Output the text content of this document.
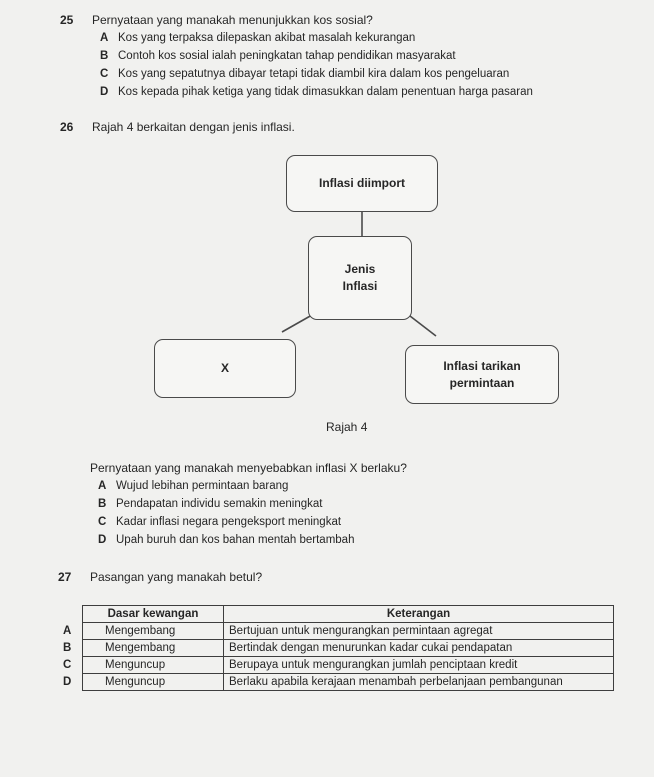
25 Pernyataan yang manakah menunjukkan kos sosial?
A Kos yang terpaksa dilepaskan akibat masalah kekurangan
B Contoh kos sosial ialah peningkatan tahap pendidikan masyarakat
C Kos yang sepatutnya dibayar tetapi tidak diambil kira dalam kos pengeluaran
D Kos kepada pihak ketiga yang tidak dimasukkan dalam penentuan harga pasaran
26 Rajah 4 berkaitan dengan jenis inflasi.
Inflasi diimport
Jenis
Inflasi
X	Inflasi tarikan
permintaan
Rajah 4
Pernyataan yang manakah menyebabkan inflasi X berlaku?
A Wujud lebihan permintaan barang
B Pendapatan individu semakin meningkat
C Kadar inflasi negara pengeksport meningkat
D Upah buruh dan kos bahan mentah bertambah
27 Pasangan yang manakah betul?
	Dasar kewangan	Keterangan
A	Mengembang	Bertujuan untuk mengurangkan permintaan agregat
B	Mengembang	Bertindak dengan menurunkan kadar cukai pendapatan
C	Menguncup	Berupaya untuk mengurangkan jumlah penciptaan kredit
D	Menguncup	Berlaku apabila kerajaan menambah perbelanjaan pembangunan
